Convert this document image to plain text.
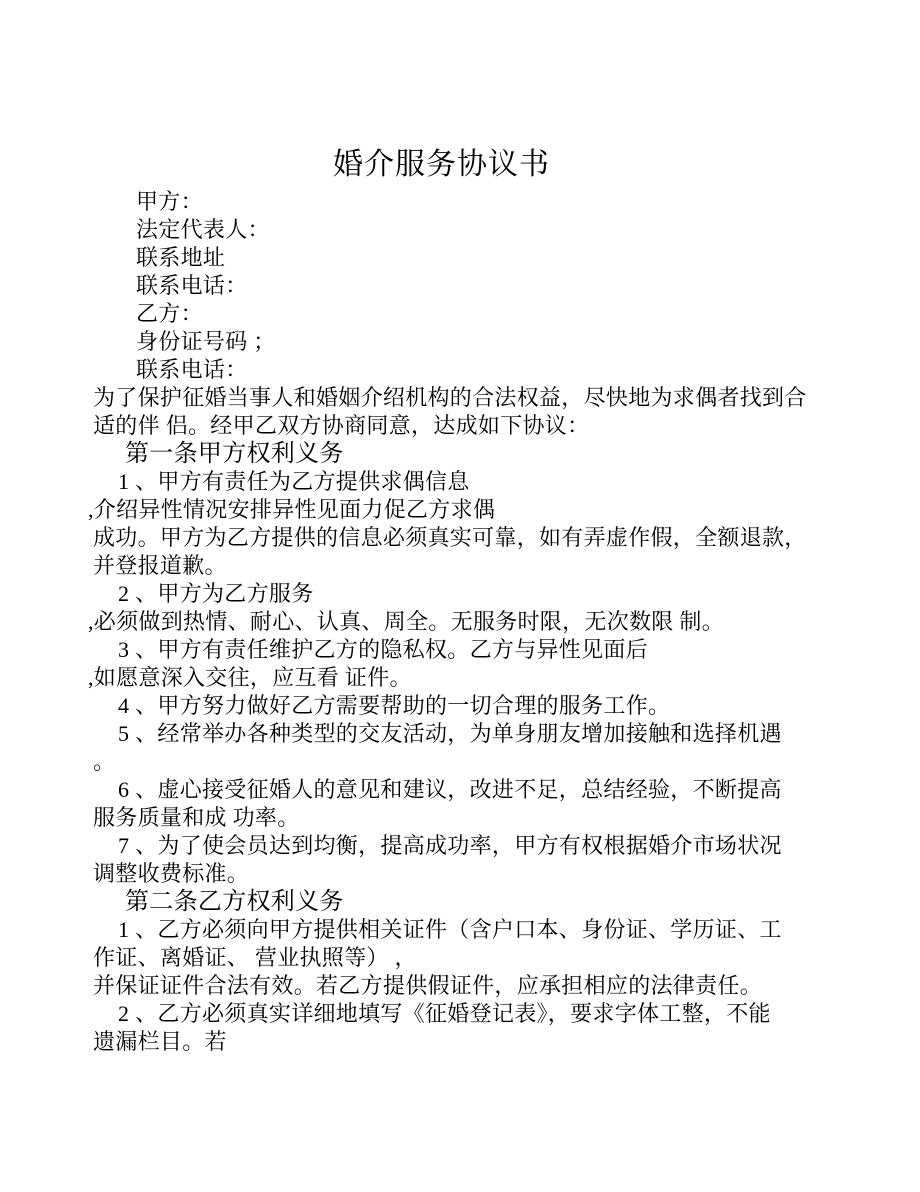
婚介服务协议书
甲方：
法定代表人：
联系地址
联系电话：
乙方：
身份证号码 ；
联系电话：
为了保护征婚当事人和婚姻介绍机构的合法权益，尽快地为求偶者找到合
适的伴 侣。经甲乙双方协商同意，达成如下协议：
第一条甲方权利义务
1 、甲方有责任为乙方提供求偶信息
,介绍异性情况安排异性见面力促乙方求偶
成功。甲方为乙方提供的信息必须真实可靠，如有弄虚作假，全额退款，
并登报道歉。
2 、甲方为乙方服务
,必须做到热情、耐心、认真、周全。无服务时限，无次数限 制。
3 、甲方有责任维护乙方的隐私权。乙方与异性见面后
,如愿意深入交往，应互看 证件。
4 、甲方努力做好乙方需要帮助的一切合理的服务工作。
5 、经常举办各种类型的交友活动，为单身朋友增加接触和选择机遇
。
6 、虚心接受征婚人的意见和建议，改进不足，总结经验，不断提高
服务质量和成 功率。
7 、为了使会员达到均衡，提高成功率，甲方有权根据婚介市场状况
调整收费标准。
第二条乙方权利义务
1 、乙方必须向甲方提供相关证件（含户口本、身份证、学历证、工
作证、离婚证、 营业执照等） ，
并保证证件合法有效。若乙方提供假证件，应承担相应的法律责任。
2 、乙方必须真实详细地填写《征婚登记表》，要求字体工整，不能
遗漏栏目。若
